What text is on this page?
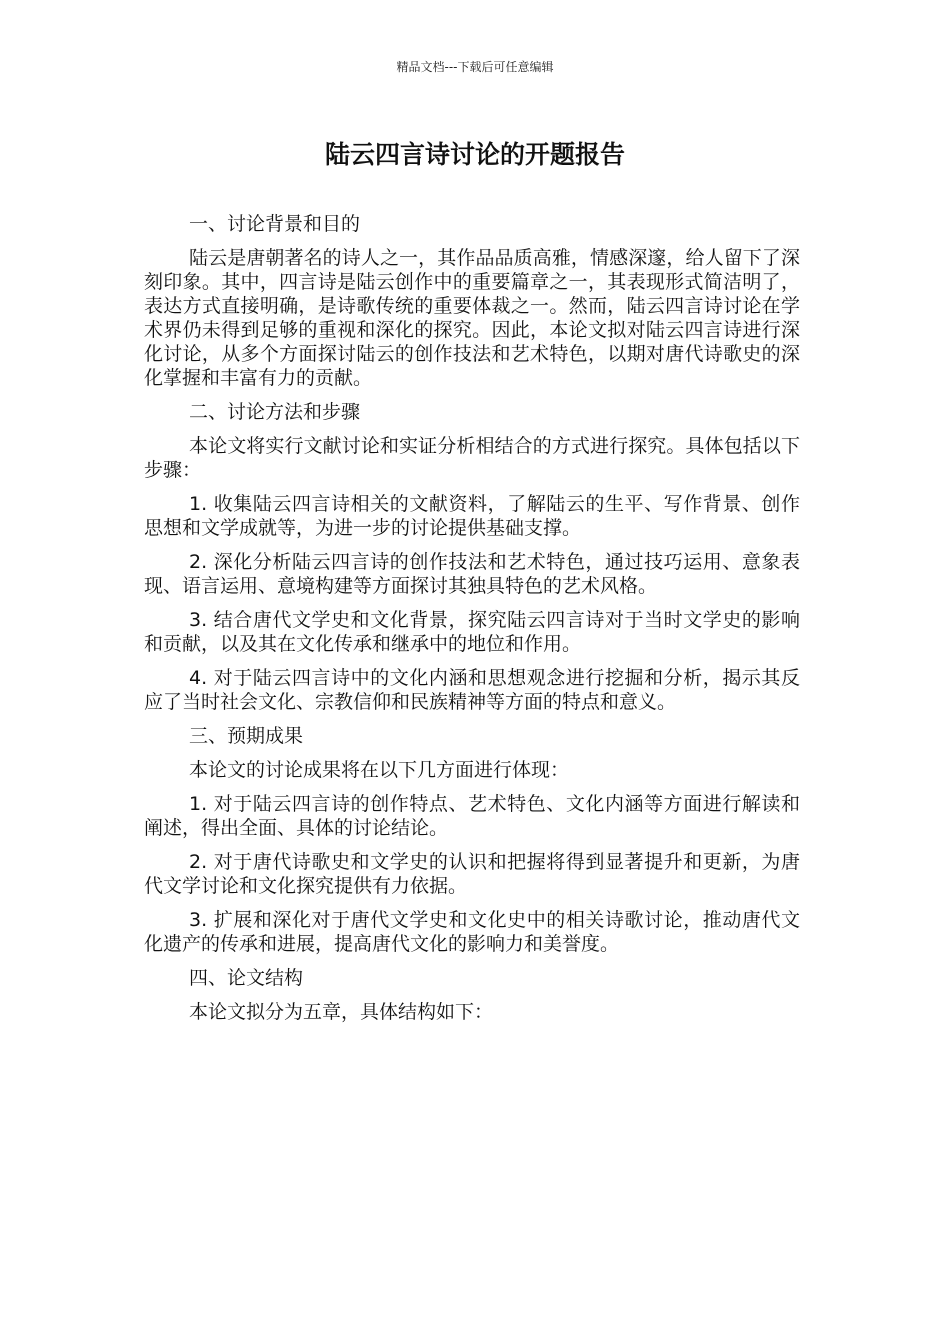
精品文档---下载后可任意编辑
陆云四言诗讨论的开题报告

一、讨论背景和目的

陆云是唐朝著名的诗人之一，其作品品质高雅，情感深邃，给人留下了深刻印象。其中，四言诗是陆云创作中的重要篇章之一，其表现形式简洁明了，表达方式直接明确，是诗歌传统的重要体裁之一。然而，陆云四言诗讨论在学术界仍未得到足够的重视和深化的探究。因此，本论文拟对陆云四言诗进行深化讨论，从多个方面探讨陆云的创作技法和艺术特色，以期对唐代诗歌史的深化掌握和丰富有力的贡献。

二、讨论方法和步骤

本论文将实行文献讨论和实证分析相结合的方式进行探究。具体包括以下步骤：

1. 收集陆云四言诗相关的文献资料，了解陆云的生平、写作背景、创作思想和文学成就等，为进一步的讨论提供基础支撑。

2. 深化分析陆云四言诗的创作技法和艺术特色，通过技巧运用、意象表现、语言运用、意境构建等方面探讨其独具特色的艺术风格。

3. 结合唐代文学史和文化背景，探究陆云四言诗对于当时文学史的影响和贡献，以及其在文化传承和继承中的地位和作用。

4. 对于陆云四言诗中的文化内涵和思想观念进行挖掘和分析，揭示其反应了当时社会文化、宗教信仰和民族精神等方面的特点和意义。

三、预期成果

本论文的讨论成果将在以下几方面进行体现：

1. 对于陆云四言诗的创作特点、艺术特色、文化内涵等方面进行解读和阐述，得出全面、具体的讨论结论。

2. 对于唐代诗歌史和文学史的认识和把握将得到显著提升和更新，为唐代文学讨论和文化探究提供有力依据。

3. 扩展和深化对于唐代文学史和文化史中的相关诗歌讨论，推动唐代文化遗产的传承和进展，提高唐代文化的影响力和美誉度。

四、论文结构

本论文拟分为五章，具体结构如下：
